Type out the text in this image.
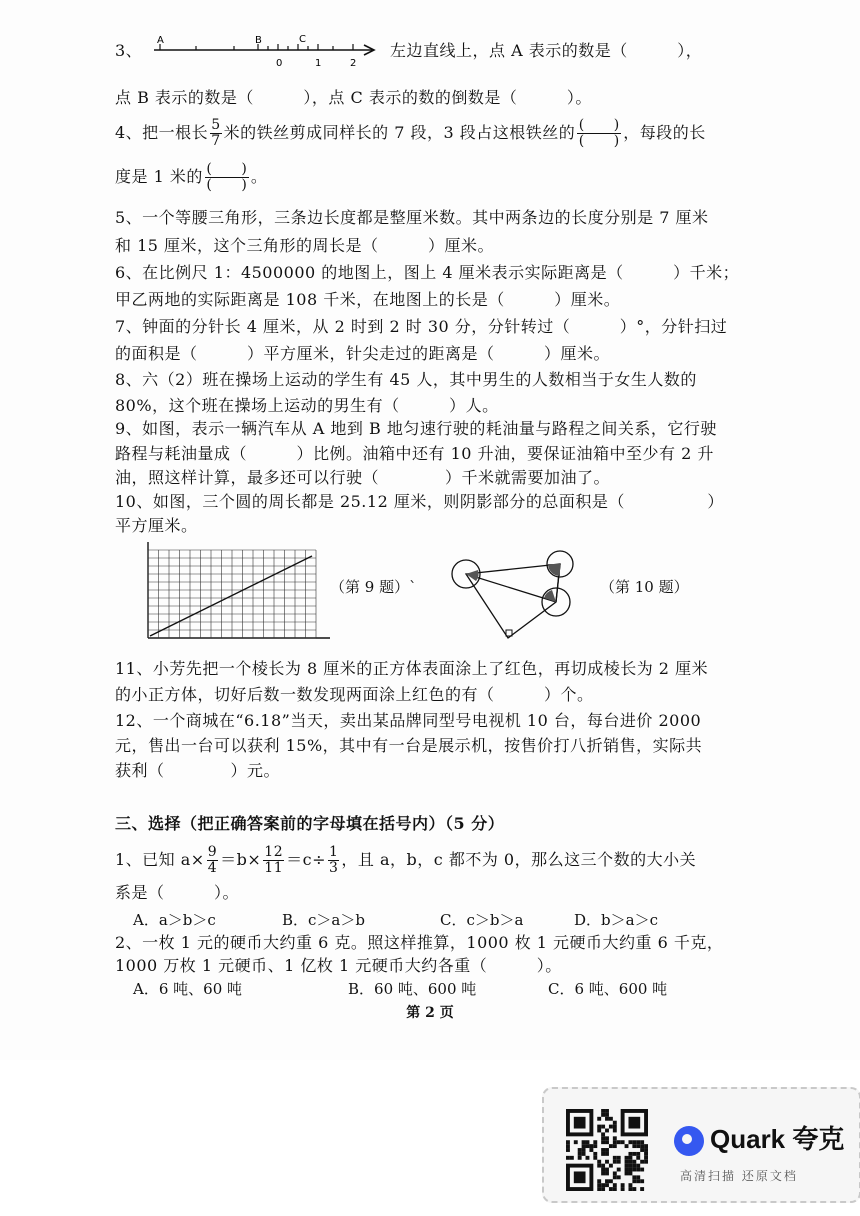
3、
A	B	C
0	1	2
左边直线上，点 A 表示的数是（　　　），
点 B 表示的数是（　　　），点 C 表示的数的倒数是（　　　）。
4、把一根长 $\frac{5}{7}$ 米的铁丝剪成同样长的 7 段，3 段占这根铁丝的 $\frac{( )}{( )}$ ，每段的长
度是 1 米的 $\frac{( )}{( )}$ 。
5、一个等腰三角形，三条边长度都是整厘米数。其中两条边的长度分别是 7 厘米
和 15 厘米，这个三角形的周长是（　　　）厘米。
6、在比例尺 1：4500000 的地图上，图上 4 厘米表示实际距离是（　　　）千米；
甲乙两地的实际距离是 108 千米，在地图上的长是（　　　）厘米。
7、钟面的分针长 4 厘米，从 2 时到 2 时 30 分，分针转过（　　　）°，分针扫过
的面积是（　　　）平方厘米，针尖走过的距离是（　　　）厘米。
8、六（2）班在操场上运动的学生有 45 人，其中男生的人数相当于女生人数的
80%，这个班在操场上运动的男生有（　　　）人。
9、如图，表示一辆汽车从 A 地到 B 地匀速行驶的耗油量与路程之间关系，它行驶
路程与耗油量成（　　　）比例。油箱中还有 10 升油，要保证油箱中至少有 2 升
油，照这样计算，最多还可以行驶（　　　　）千米就需要加油了。
10、如图，三个圆的周长都是 25.12 厘米，则阴影部分的总面积是（　　　　　）
平方厘米。
（第 9 题）`	（第 10 题）
11、小芳先把一个棱长为 8 厘米的正方体表面涂上了红色，再切成棱长为 2 厘米
的小正方体，切好后数一数发现两面涂上红色的有（　　　）个。
12、一个商城在“6.18”当天，卖出某品牌同型号电视机 10 台，每台进价 2000
元，售出一台可以获利 15%，其中有一台是展示机，按售价打八折销售，实际共
获利（　　　　）元。
三、选择（把正确答案前的字母填在括号内）（5 分）
1、已知 $a\times \frac{9}{4} =b\times \frac{12}{11} =c\div \frac{1}{3}$ ，且 a，b，c 都不为 0，那么这三个数的大小关
系是（　　　）。
A．a＞b＞c	B．c＞a＞b	C．c＞b＞a	D．b＞a＞c
2、一枚 1 元的硬币大约重 6 克。照这样推算，1000 枚 1 元硬币大约重 6 千克，
1000 万枚 1 元硬币、1 亿枚 1 元硬币大约各重（　　　）。
A．6 吨、60 吨	B．60 吨、600 吨	C．6 吨、600 吨
第 2 页
Quark 夸克
高清扫描 还原文档
